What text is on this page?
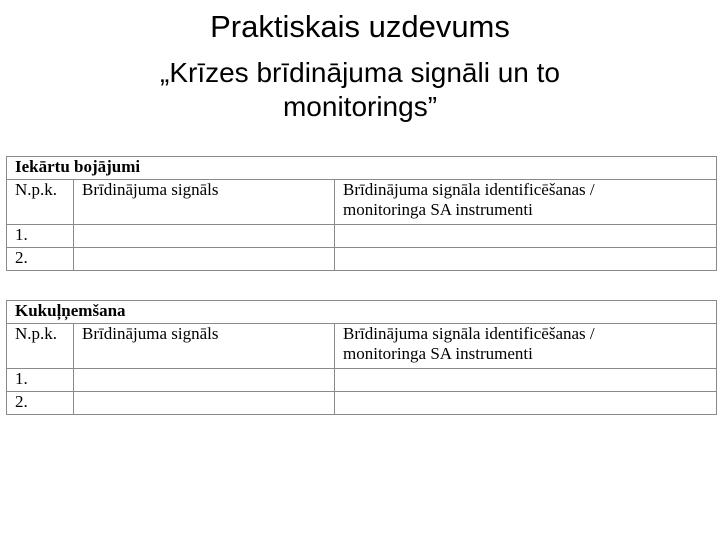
Praktiskais uzdevums
„Krīzes brīdinājuma signāli un to
monitorings”
Iekārtu bojājumi		
N.p.k.	Brīdinājuma signāls	Brīdinājuma signāla identificēšanas /
monitoringa SA instrumenti

1.		
2.		
Kukuļņemšana		
N.p.k.	Brīdinājuma signāls	Brīdinājuma signāla identificēšanas /
monitoringa SA instrumenti

1.		
2.		
